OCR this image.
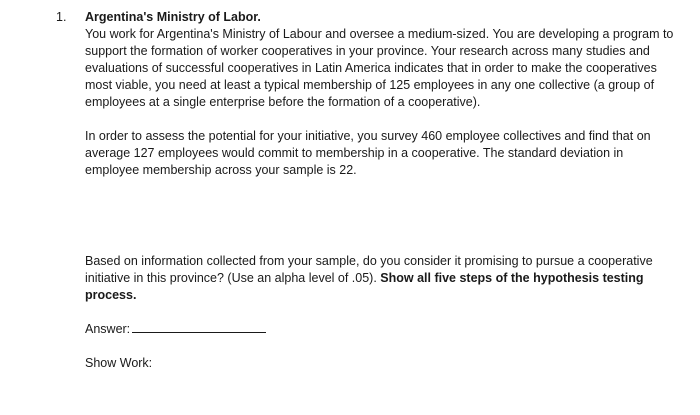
1. Argentina's Ministry of Labor.

You work for Argentina's Ministry of Labour and oversee a medium-sized. You are developing a program to support the formation of worker cooperatives in your province. Your research across many studies and evaluations of successful cooperatives in Latin America indicates that in order to make the cooperatives most viable, you need at least a typical membership of 125 employees in any one collective (a group of employees at a single enterprise before the formation of a cooperative).

In order to assess the potential for your initiative, you survey 460 employee collectives and find that on average 127 employees would commit to membership in a cooperative. The standard deviation in employee membership across your sample is 22.

Based on information collected from your sample, do you consider it promising to pursue a cooperative initiative in this province? (Use an alpha level of .05). Show all five steps of the hypothesis testing process.

Answer:
Show Work:
